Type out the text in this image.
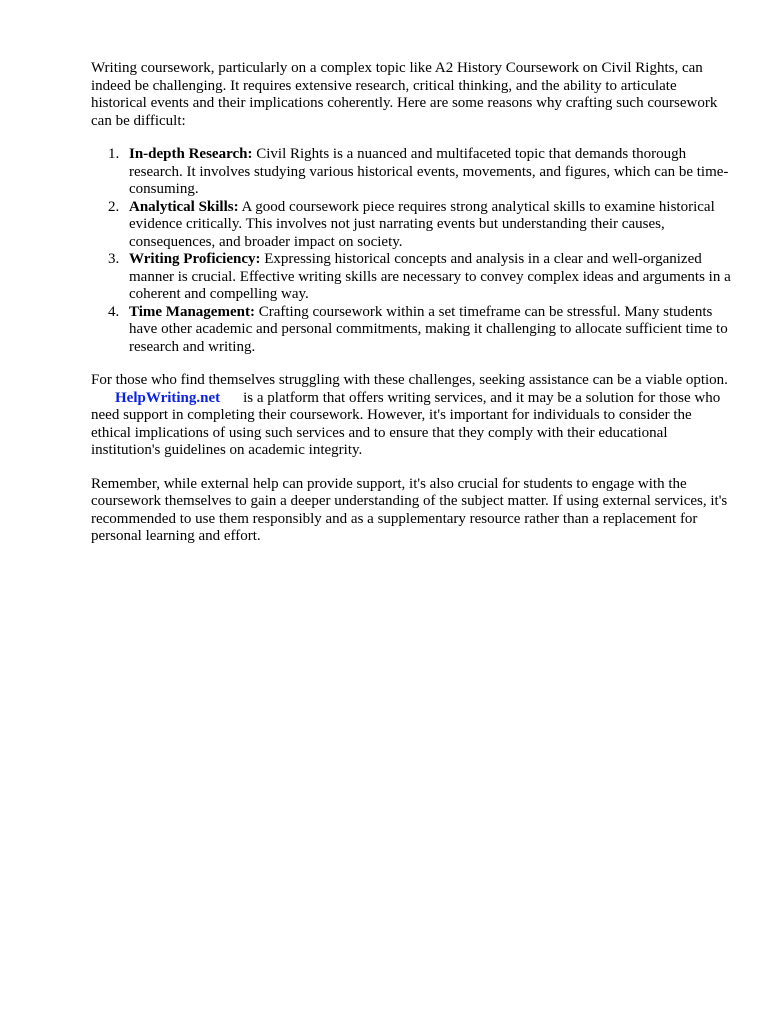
Writing coursework, particularly on a complex topic like A2 History Coursework on Civil Rights, can indeed be challenging. It requires extensive research, critical thinking, and the ability to articulate historical events and their implications coherently. Here are some reasons why crafting such coursework can be difficult:

1. In-depth Research: Civil Rights is a nuanced and multifaceted topic that demands thorough research. It involves studying various historical events, movements, and figures, which can be time-consuming.
2. Analytical Skills: A good coursework piece requires strong analytical skills to examine historical evidence critically. This involves not just narrating events but understanding their causes, consequences, and broader impact on society.
3. Writing Proficiency: Expressing historical concepts and analysis in a clear and well-organized manner is crucial. Effective writing skills are necessary to convey complex ideas and arguments in a coherent and compelling way.
4. Time Management: Crafting coursework within a set timeframe can be stressful. Many students have other academic and personal commitments, making it challenging to allocate sufficient time to research and writing.

For those who find themselves struggling with these challenges, seeking assistance can be a viable option.HelpWriting.net is a platform that offers writing services, and it may be a solution for those who need support in completing their coursework. However, it's important for individuals to consider the ethical implications of using such services and to ensure that they comply with their educational institution's guidelines on academic integrity.

Remember, while external help can provide support, it's also crucial for students to engage with the coursework themselves to gain a deeper understanding of the subject matter. If using external services, it's recommended to use them responsibly and as a supplementary resource rather than a replacement for personal learning and effort.
